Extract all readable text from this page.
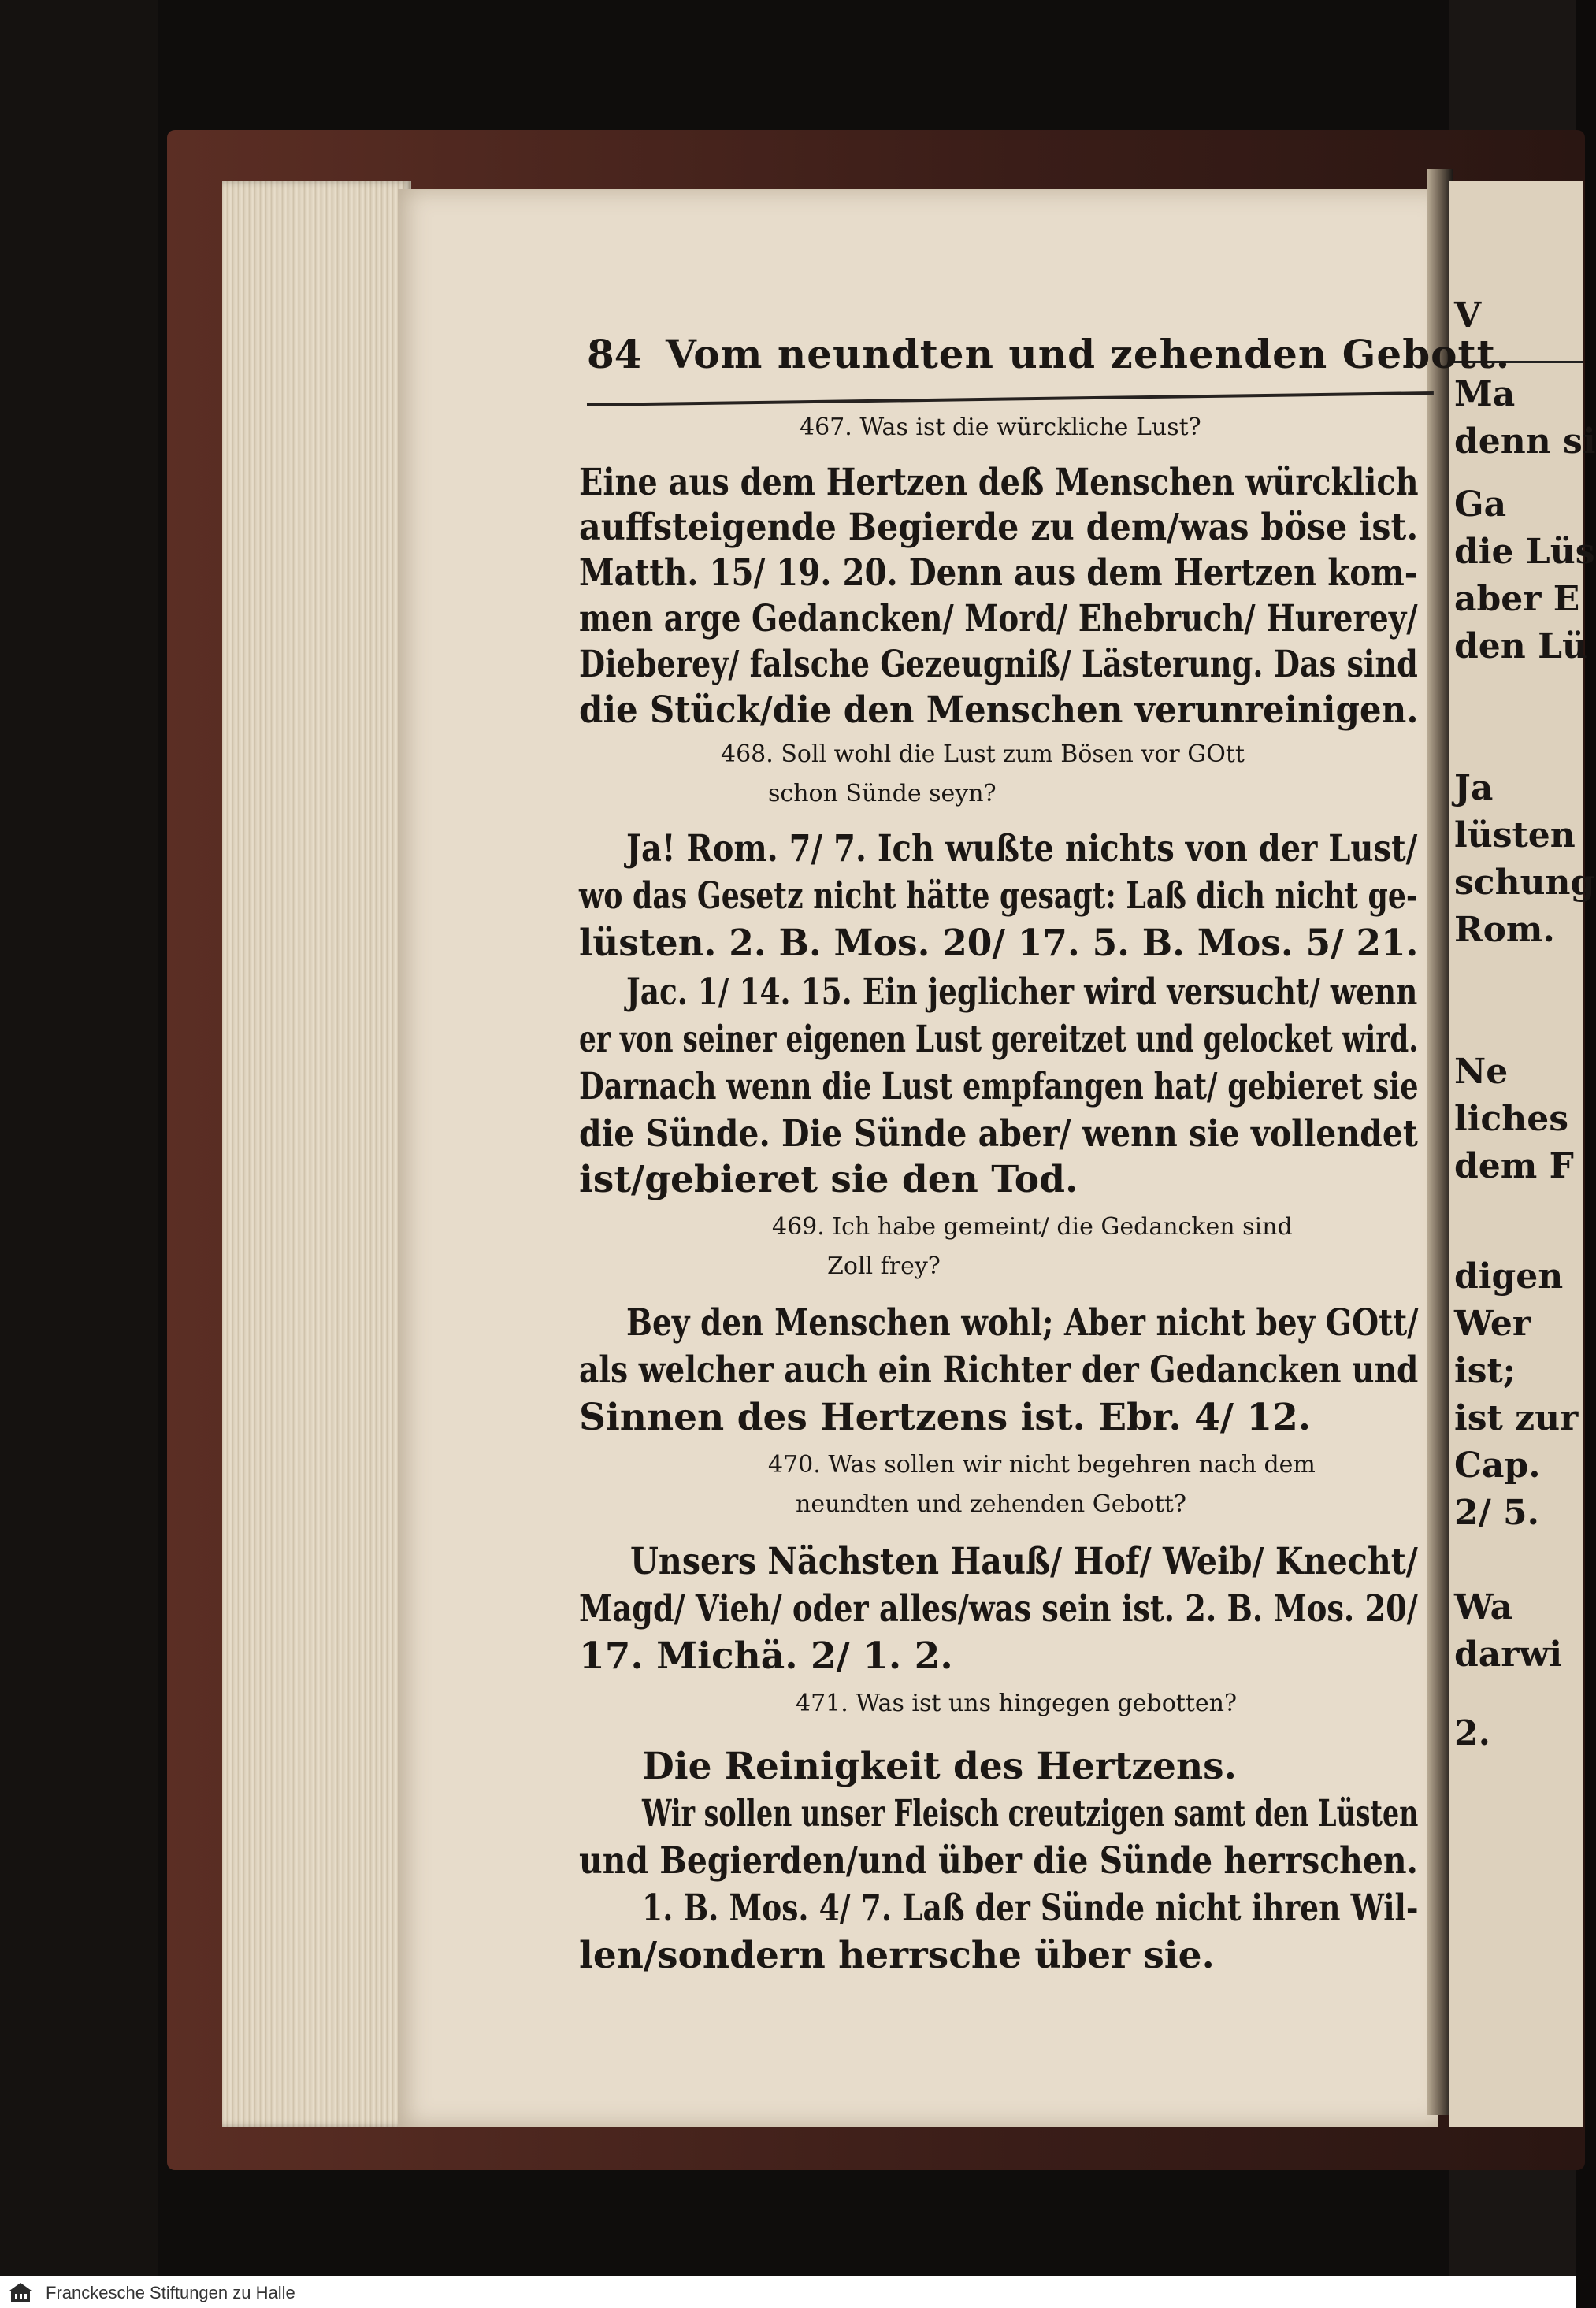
V
Ma
denn si
Ga
die Lüs
aber E
den Lü
Ja
lüsten
schung
Rom.
Ne
liches
dem F
digen
Wer
ist;
ist zur
Cap.
2/ 5.
Wa
darwi
2.
84 Vom neundten und zehenden Gebott.
467. Was ist die würckliche Lust?
Eine aus dem Hertzen deß Menschen würcklich
auffsteigende Begierde zu dem/was böse ist.
Matth. 15/ 19. 20. Denn aus dem Hertzen kom-
men arge Gedancken/ Mord/ Ehebruch/ Hurerey/
Dieberey/ falsche Gezeugniß/ Lästerung. Das sind
die Stück/die den Menschen verunreinigen.
468. Soll wohl die Lust zum Bösen vor GOtt
schon Sünde seyn?
Ja! Rom. 7/ 7. Ich wußte nichts von der Lust/
wo das Gesetz nicht hätte gesagt: Laß dich nicht ge-
lüsten. 2. B. Mos. 20/ 17. 5. B. Mos. 5/ 21.
Jac. 1/ 14. 15. Ein jeglicher wird versucht/ wenn
er von seiner eigenen Lust gereitzet und gelocket wird.
Darnach wenn die Lust empfangen hat/ gebieret sie
die Sünde. Die Sünde aber/ wenn sie vollendet
ist/gebieret sie den Tod.
469. Ich habe gemeint/ die Gedancken sind
Zoll frey?
Bey den Menschen wohl; Aber nicht bey GOtt/
als welcher auch ein Richter der Gedancken und
Sinnen des Hertzens ist. Ebr. 4/ 12.
470. Was sollen wir nicht begehren nach dem
neundten und zehenden Gebott?
Unsers Nächsten Hauß/ Hof/ Weib/ Knecht/
Magd/ Vieh/ oder alles/was sein ist. 2. B. Mos. 20/
17. Michä. 2/ 1. 2.
471. Was ist uns hingegen gebotten?
Die Reinigkeit des Hertzens.
Wir sollen unser Fleisch creutzigen samt den Lüsten
und Begierden/und über die Sünde herrschen.
1. B. Mos. 4/ 7. Laß der Sünde nicht ihren Wil-
len/sondern herrsche über sie.
Franckesche Stiftungen zu Halle
